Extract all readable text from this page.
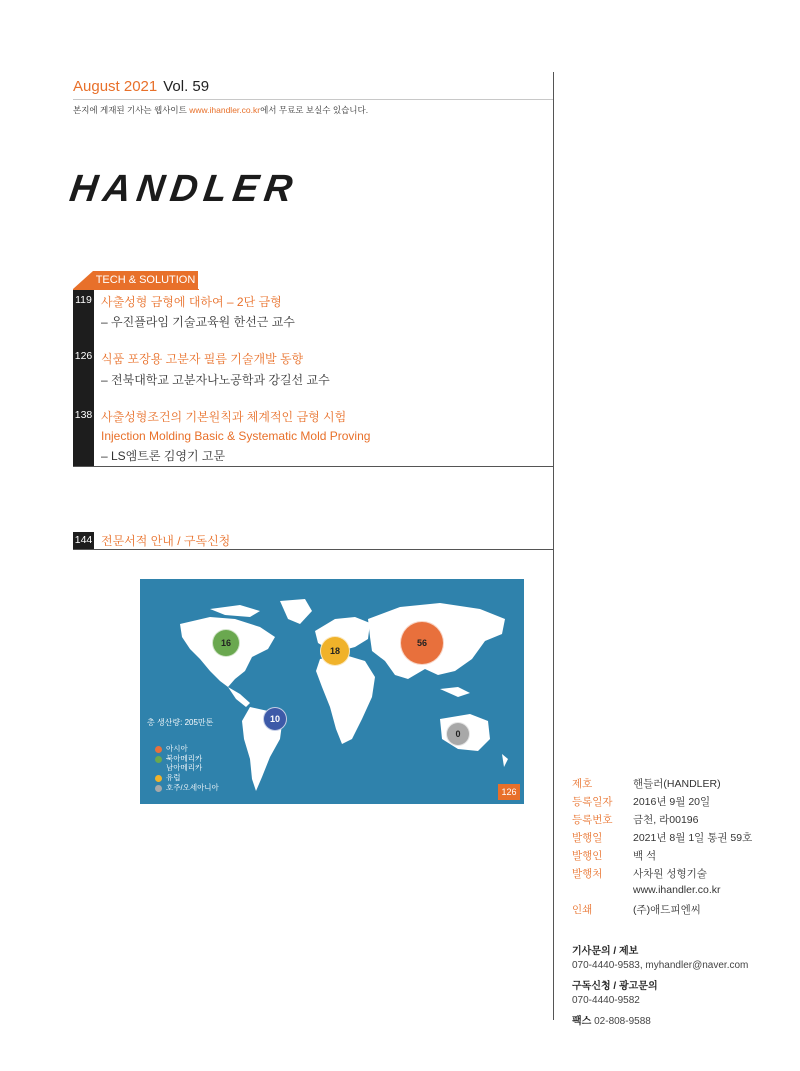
August 2021 Vol. 59
본지에 게재된 기사는 웹사이트 www.ihandler.co.kr에서 무료로 보실수 있습니다.
HANDLER
TECH & SOLUTION
119 사출성형 금형에 대하여 – 2단 금형
– 우진플라임 기술교육원 한선근 교수
126 식품 포장용 고분자 필름 기술개발 동향
– 전북대학교 고분자나노공학과 강길선 교수
138 사출성형조건의 기본원칙과 체계적인 금형 시험
Injection Molding Basic & Systematic Mold Proving
– LS엠트론 김영기 고문
144 전문서적 안내 / 구독신청
56
18
16
10
0
총 생산량: 205만톤
아시아
북아메리카
남아메리카
유럽
호주/오세아니아	126
제호	핸들러(HANDLER)
등록일자 2016년 9월 20일
등록번호 금천, 라00196
발행일	2021년 8월 1일 통권 59호
발행인	백 석
발행처	사차원 성형기술
www.ihandler.co.kr
인쇄	(주)애드피엔씨
기사문의 / 제보
070-4440-9583, myhandler@naver.com
구독신청 / 광고문의
070-4440-9582
팩스 02-808-9588
